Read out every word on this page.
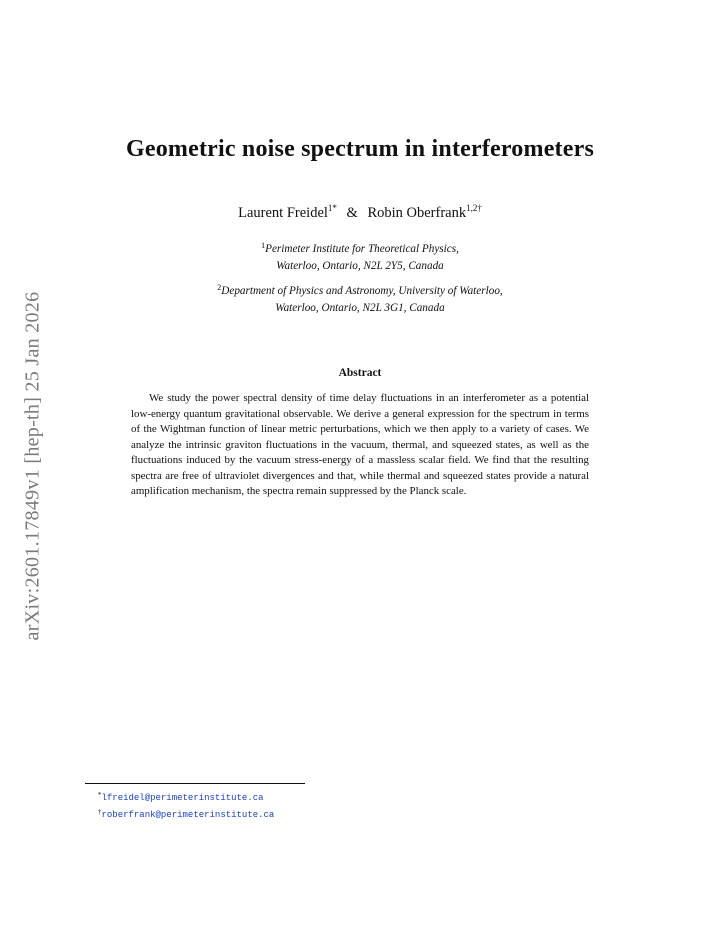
arXiv:2601.17849v1 [hep-th] 25 Jan 2026
Geometric noise spectrum in interferometers
Laurent Freidel$^{1*}$ & Robin Oberfrank$^{1,2\dagger}$
$^1$Perimeter Institute for Theoretical Physics,
Waterloo, Ontario, N2L 2Y5, Canada
$^2$Department of Physics and Astronomy, University of Waterloo,
Waterloo, Ontario, N2L 3G1, Canada
Abstract

We study the power spectral density of time delay fluctuations in an interferometer as a potential low-energy quantum gravitational observable. We derive a general expression for the spectrum in terms of the Wightman function of linear metric perturbations, which we then apply to a variety of cases. We analyze the intrinsic graviton fluctuations in the vacuum, thermal, and squeezed states, as well as the fluctuations induced by the vacuum stress-energy of a massless scalar field. We find that the resulting spectra are free of ultraviolet divergences and that, while thermal and squeezed states provide a natural amplification mechanism, the spectra remain suppressed by the Planck scale.

*lfreidel@perimeterinstitute.ca
†roberfrank@perimeterinstitute.ca
